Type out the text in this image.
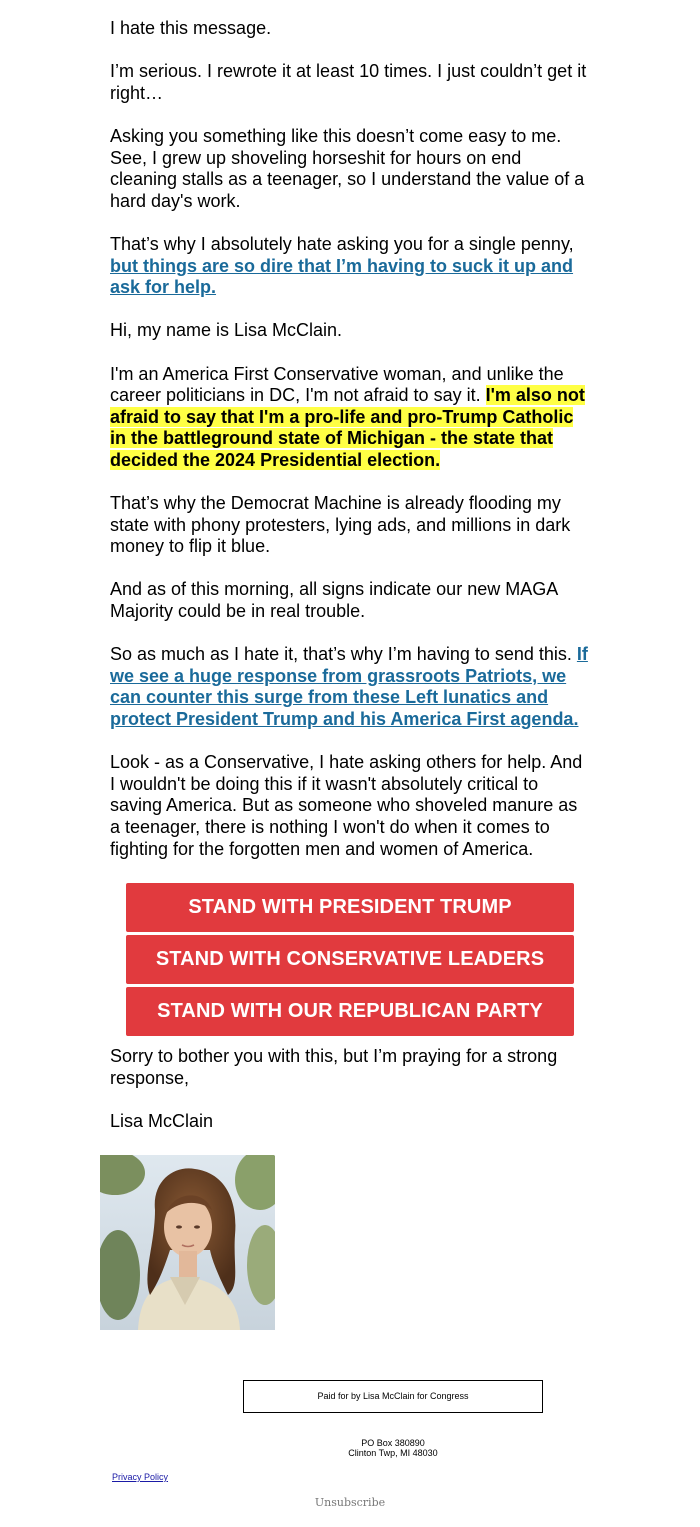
I hate this message.

I’m serious. I rewrote it at least 10 times. I just couldn’t get it right…

Asking you something like this doesn’t come easy to me. See, I grew up shoveling horseshit for hours on end cleaning stalls as a teenager, so I understand the value of a hard day's work.

That’s why I absolutely hate asking you for a single penny, but things are so dire that I’m having to suck it up and ask for help.

Hi, my name is Lisa McClain.

I'm an America First Conservative woman, and unlike the career politicians in DC, I'm not afraid to say it. I'm also not afraid to say that I'm a pro-life and pro-Trump Catholic in the battleground state of Michigan - the state that decided the 2024 Presidential election.

That’s why the Democrat Machine is already flooding my state with phony protesters, lying ads, and millions in dark money to flip it blue.

And as of this morning, all signs indicate our new MAGA Majority could be in real trouble.

So as much as I hate it, that’s why I’m having to send this. If we see a huge response from grassroots Patriots, we can counter this surge from these Left lunatics and protect President Trump and his America First agenda.

Look - as a Conservative, I hate asking others for help. And I wouldn't be doing this if it wasn't absolutely critical to saving America. But as someone who shoveled manure as a teenager, there is nothing I won't do when it comes to fighting for the forgotten men and women of America.

STAND WITH PRESIDENT TRUMP
STAND WITH CONSERVATIVE LEADERS
STAND WITH OUR REPUBLICAN PARTY

Sorry to bother you with this, but I’m praying for a strong response,

Lisa McClain

Paid for by Lisa McClain for Congress
PO Box 380890
Clinton Twp, MI 48030
Privacy Policy
Unsubscribe
